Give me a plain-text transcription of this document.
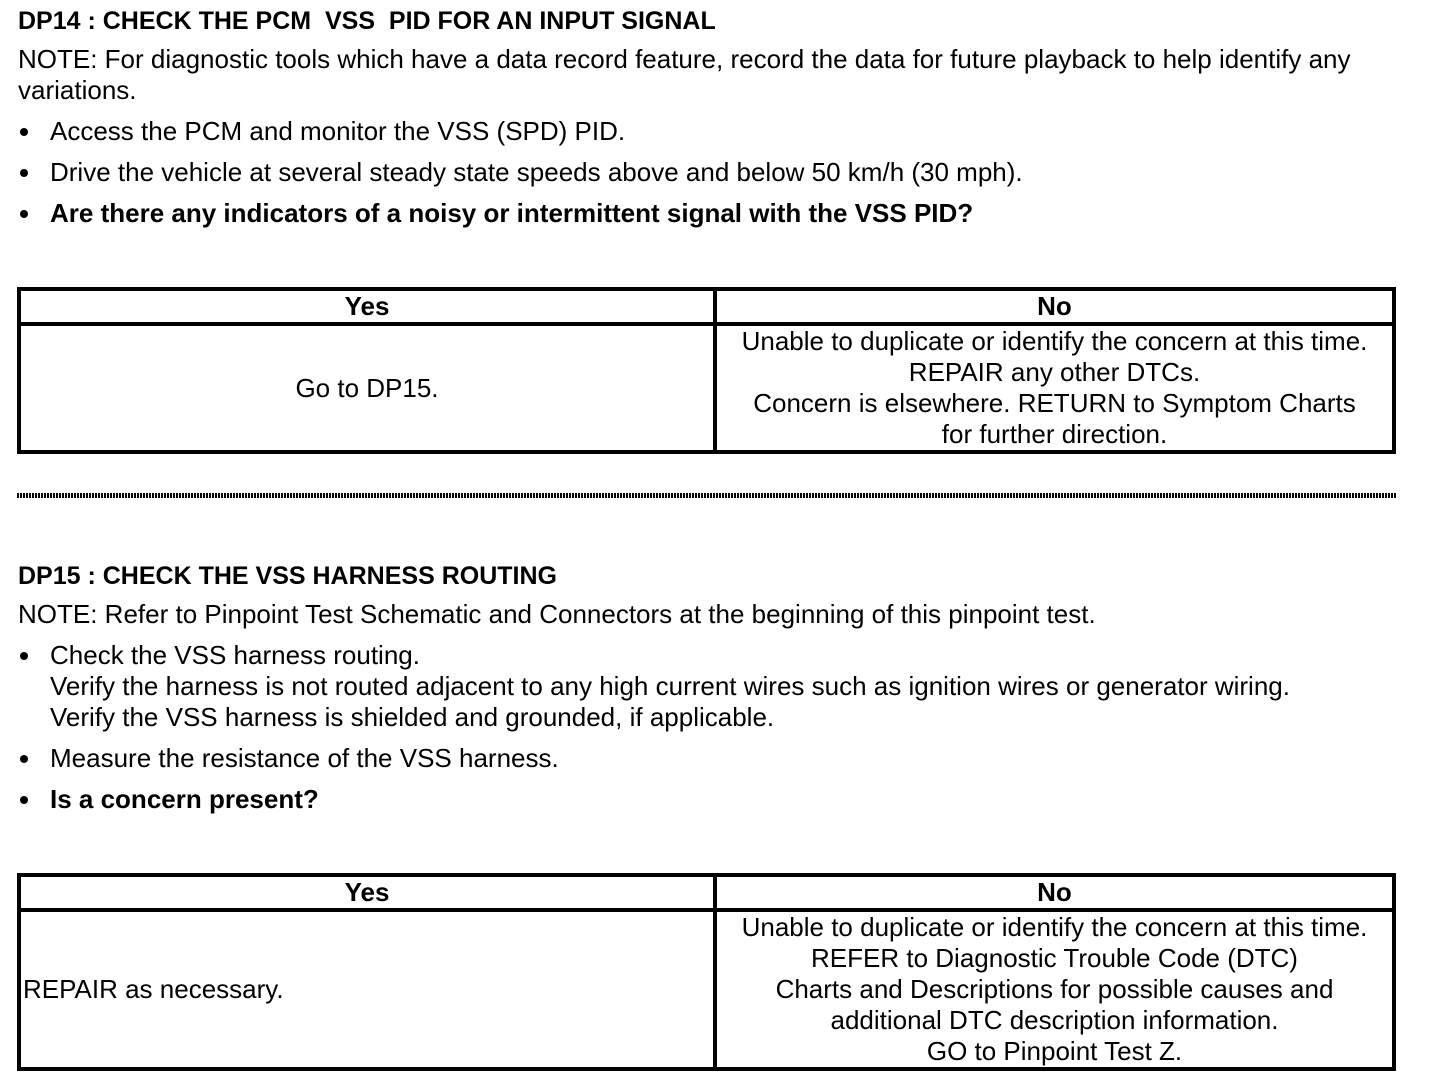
DP14 : CHECK THE PCM  VSS  PID FOR AN INPUT SIGNAL
NOTE: For diagnostic tools which have a data record feature, record the data for future playback to help identify any variations.
Access the PCM and monitor the VSS (SPD) PID.
Drive the vehicle at several steady state speeds above and below 50 km/h (30 mph).
Are there any indicators of a noisy or intermittent signal with the VSS PID?
Yes	No
Go to DP15.	Unable to duplicate or identify the concern at this time.
REPAIR any other DTCs.
Concern is elsewhere. RETURN to Symptom Charts
for further direction.
DP15 : CHECK THE VSS HARNESS ROUTING
NOTE: Refer to Pinpoint Test Schematic and Connectors at the beginning of this pinpoint test.
Check the VSS harness routing.
Verify the harness is not routed adjacent to any high current wires such as ignition wires or generator wiring.
Verify the VSS harness is shielded and grounded, if applicable.
Measure the resistance of the VSS harness.
Is a concern present?
Yes	No
REPAIR as necessary.	Unable to duplicate or identify the concern at this time.
REFER to Diagnostic Trouble Code (DTC)
Charts and Descriptions for possible causes and
additional DTC description information.
GO to Pinpoint Test Z.
